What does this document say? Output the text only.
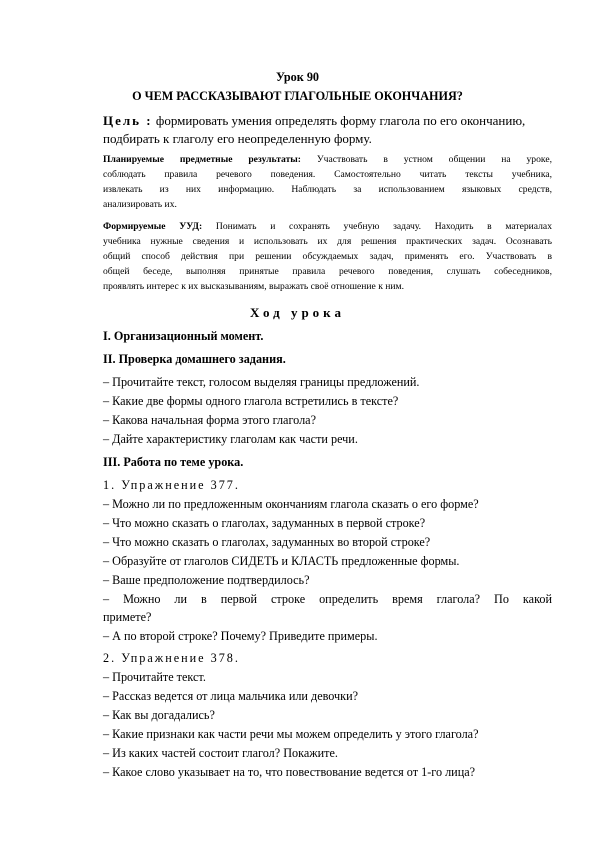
Урок 90
О ЧЕМ РАССКАЗЫВАЮТ ГЛАГОЛЬНЫЕ ОКОНЧАНИЯ?
Цель : формировать умения определять форму глагола по его окончанию,
подбирать к глаголу его неопределенную форму.
Планируемые предметные результаты: Участвовать в устном общении на уроке,
соблюдать правила речевого поведения. Самостоятельно читать тексты учебника,
извлекать из них информацию. Наблюдать за использованием языковых средств,
анализировать их.
Формируемые УУД: Понимать и сохранять учебную задачу. Находить в материалах
учебника нужные сведения и использовать их для решения практических задач. Осознавать
общий способ действия при решении обсуждаемых задач, применять его. Участвовать в
общей беседе, выполняя принятые правила речевого поведения, слушать собеседников,
проявлять интерес к их высказываниям, выражать своё отношение к ним.
Ход урока
I. Организационный момент.
II. Проверка домашнего задания.
– Прочитайте текст, голосом выделяя границы предложений.
– Какие две формы одного глагола встретились в тексте?
– Какова начальная форма этого глагола?
– Дайте характеристику глаголам как части речи.
III. Работа по теме урока.
1. Упражнение 377.
– Можно ли по предложенным окончаниям глагола сказать о его форме?
– Что можно сказать о глаголах, задуманных в первой строке?
– Что можно сказать о глаголах, задуманных во второй строке?
– Образуйте от глаголов СИДЕТЬ и КЛАСТЬ предложенные формы.
– Ваше предположение подтвердилось?
– Можно ли в первой строке определить время глагола? По какой
примете?
– А по второй строке? Почему? Приведите примеры.
2. Упражнение 378.
– Прочитайте текст.
– Рассказ ведется от лица мальчика или девочки?
– Как вы догадались?
– Какие признаки как части речи мы можем определить у этого глагола?
– Из каких частей состоит глагол? Покажите.
– Какое слово указывает на то, что повествование ведется от 1-го лица?
